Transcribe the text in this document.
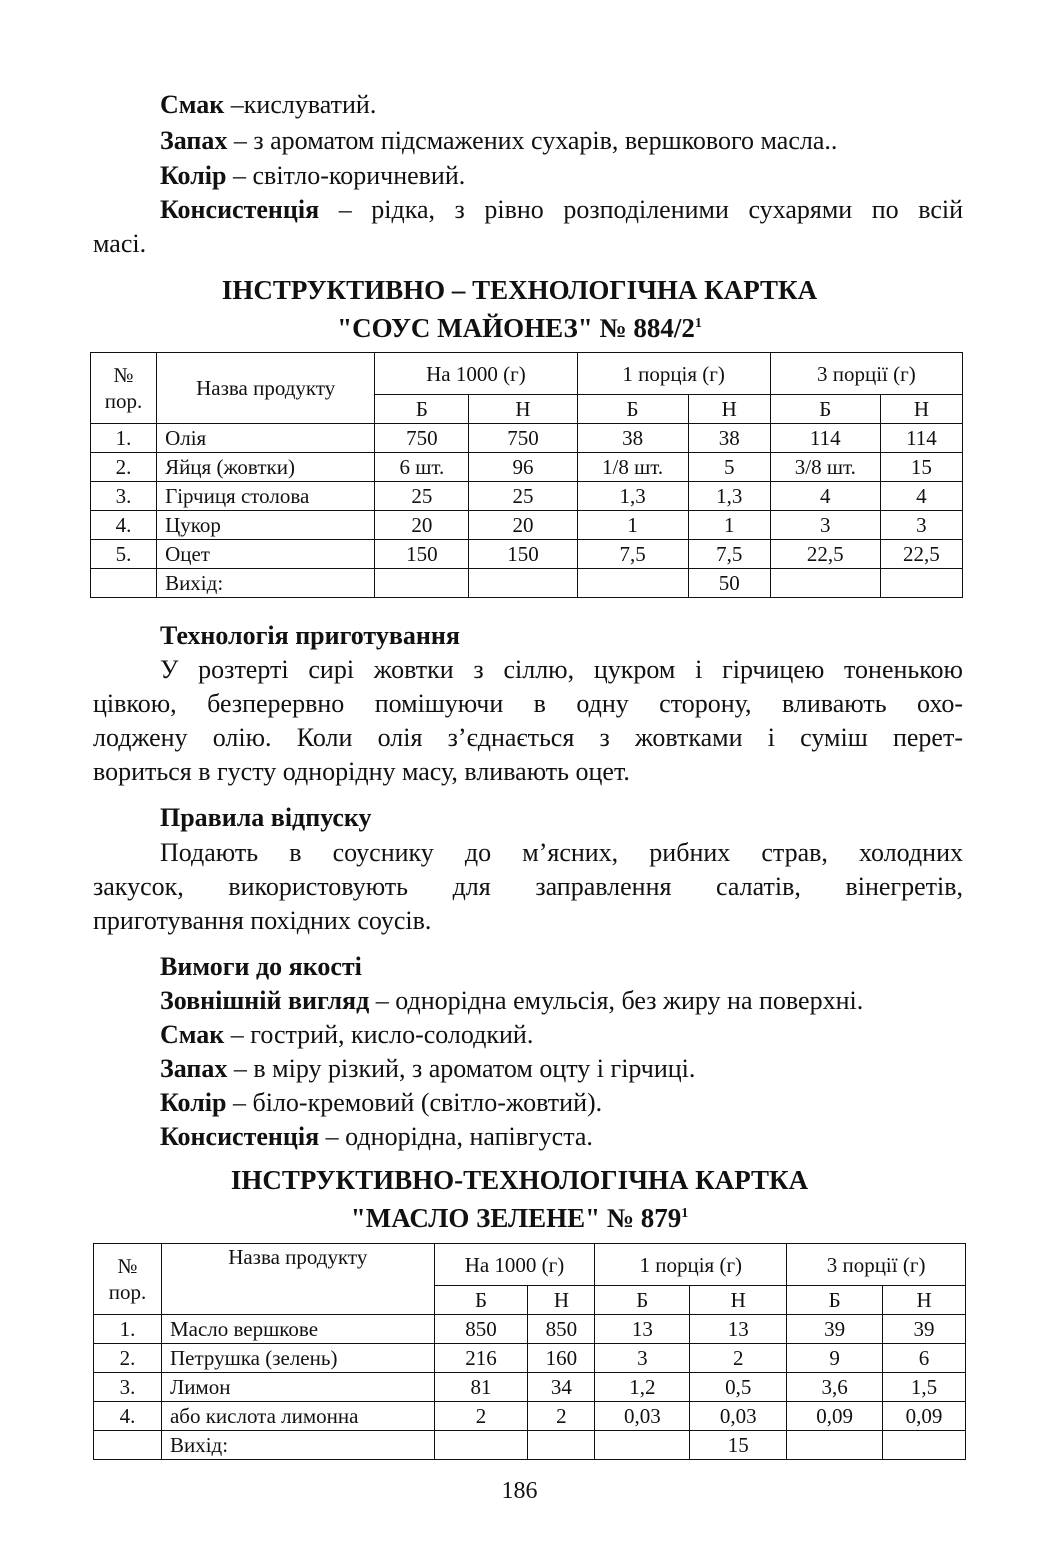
Смак –кислуватий.
Запах – з ароматом підсмажених сухарів, вершкового масла..
Колір – світло-коричневий.
Консистенція – рідка, з рівно розподіленими сухарями по всій
масі.
ІНСТРУКТИВНО – ТЕХНОЛОГІЧНА КАРТКА
"СОУС МАЙОНЕЗ" № $884/2^1$
№ пор.	Назва продукту	На 1000 (г)		1 порція (г)		3 порції (г)	
		Б	Н	Б	Н	Б	Н
1.	Олія	750	750	38	38	114	114
2.	Яйця (жовтки)	6 шт.	96	1/8 шт.	5	3/8 шт.	15
3.	Гірчиця столова	25	25	1,3	1,3	4	4
4.	Цукор	20	20	1	1	3	3
5.	Оцет	150	150	7,5	7,5	22,5	22,5
	Вихід:				50		
Технологія приготування
У розтерті сирі жовтки з сіллю, цукром і гірчицею тоненькою
цівкою, безперервно помішуючи в одну сторону, вливають охо-
лоджену олію. Коли олія з’єднається з жовтками і суміш перет-
вориться в густу однорідну масу, вливають оцет.
Правила відпуску
Подають в соуснику до м’ясних, рибних страв, холодних
закусок, використовують для заправлення салатів, вінегретів,
приготування похідних соусів.
Вимоги до якості
Зовнішній вигляд – однорідна емульсія, без жиру на поверхні.
Смак – гострий, кисло-солодкий.
Запах – в міру різкий, з ароматом оцту і гірчиці.
Колір – біло-кремовий (світло-жовтий).
Консистенція – однорідна, напівгуста.
ІНСТРУКТИВНО-ТЕХНОЛОГІЧНА КАРТКА
"МАСЛО ЗЕЛЕНЕ" № $879^1$
№ пор.	Назва продукту	На 1000 (г)		1 порція (г)		3 порції (г)	
		Б	Н	Б	Н	Б	Н
1.	Масло вершкове	850	850	13	13	39	39
2.	Петрушка (зелень)	216	160	3	2	9	6
3.	Лимон	81	34	1,2	0,5	3,6	1,5
4.	або кислота лимонна	2	2	0,03	0,03	0,09	0,09
	Вихід:				15		
186
